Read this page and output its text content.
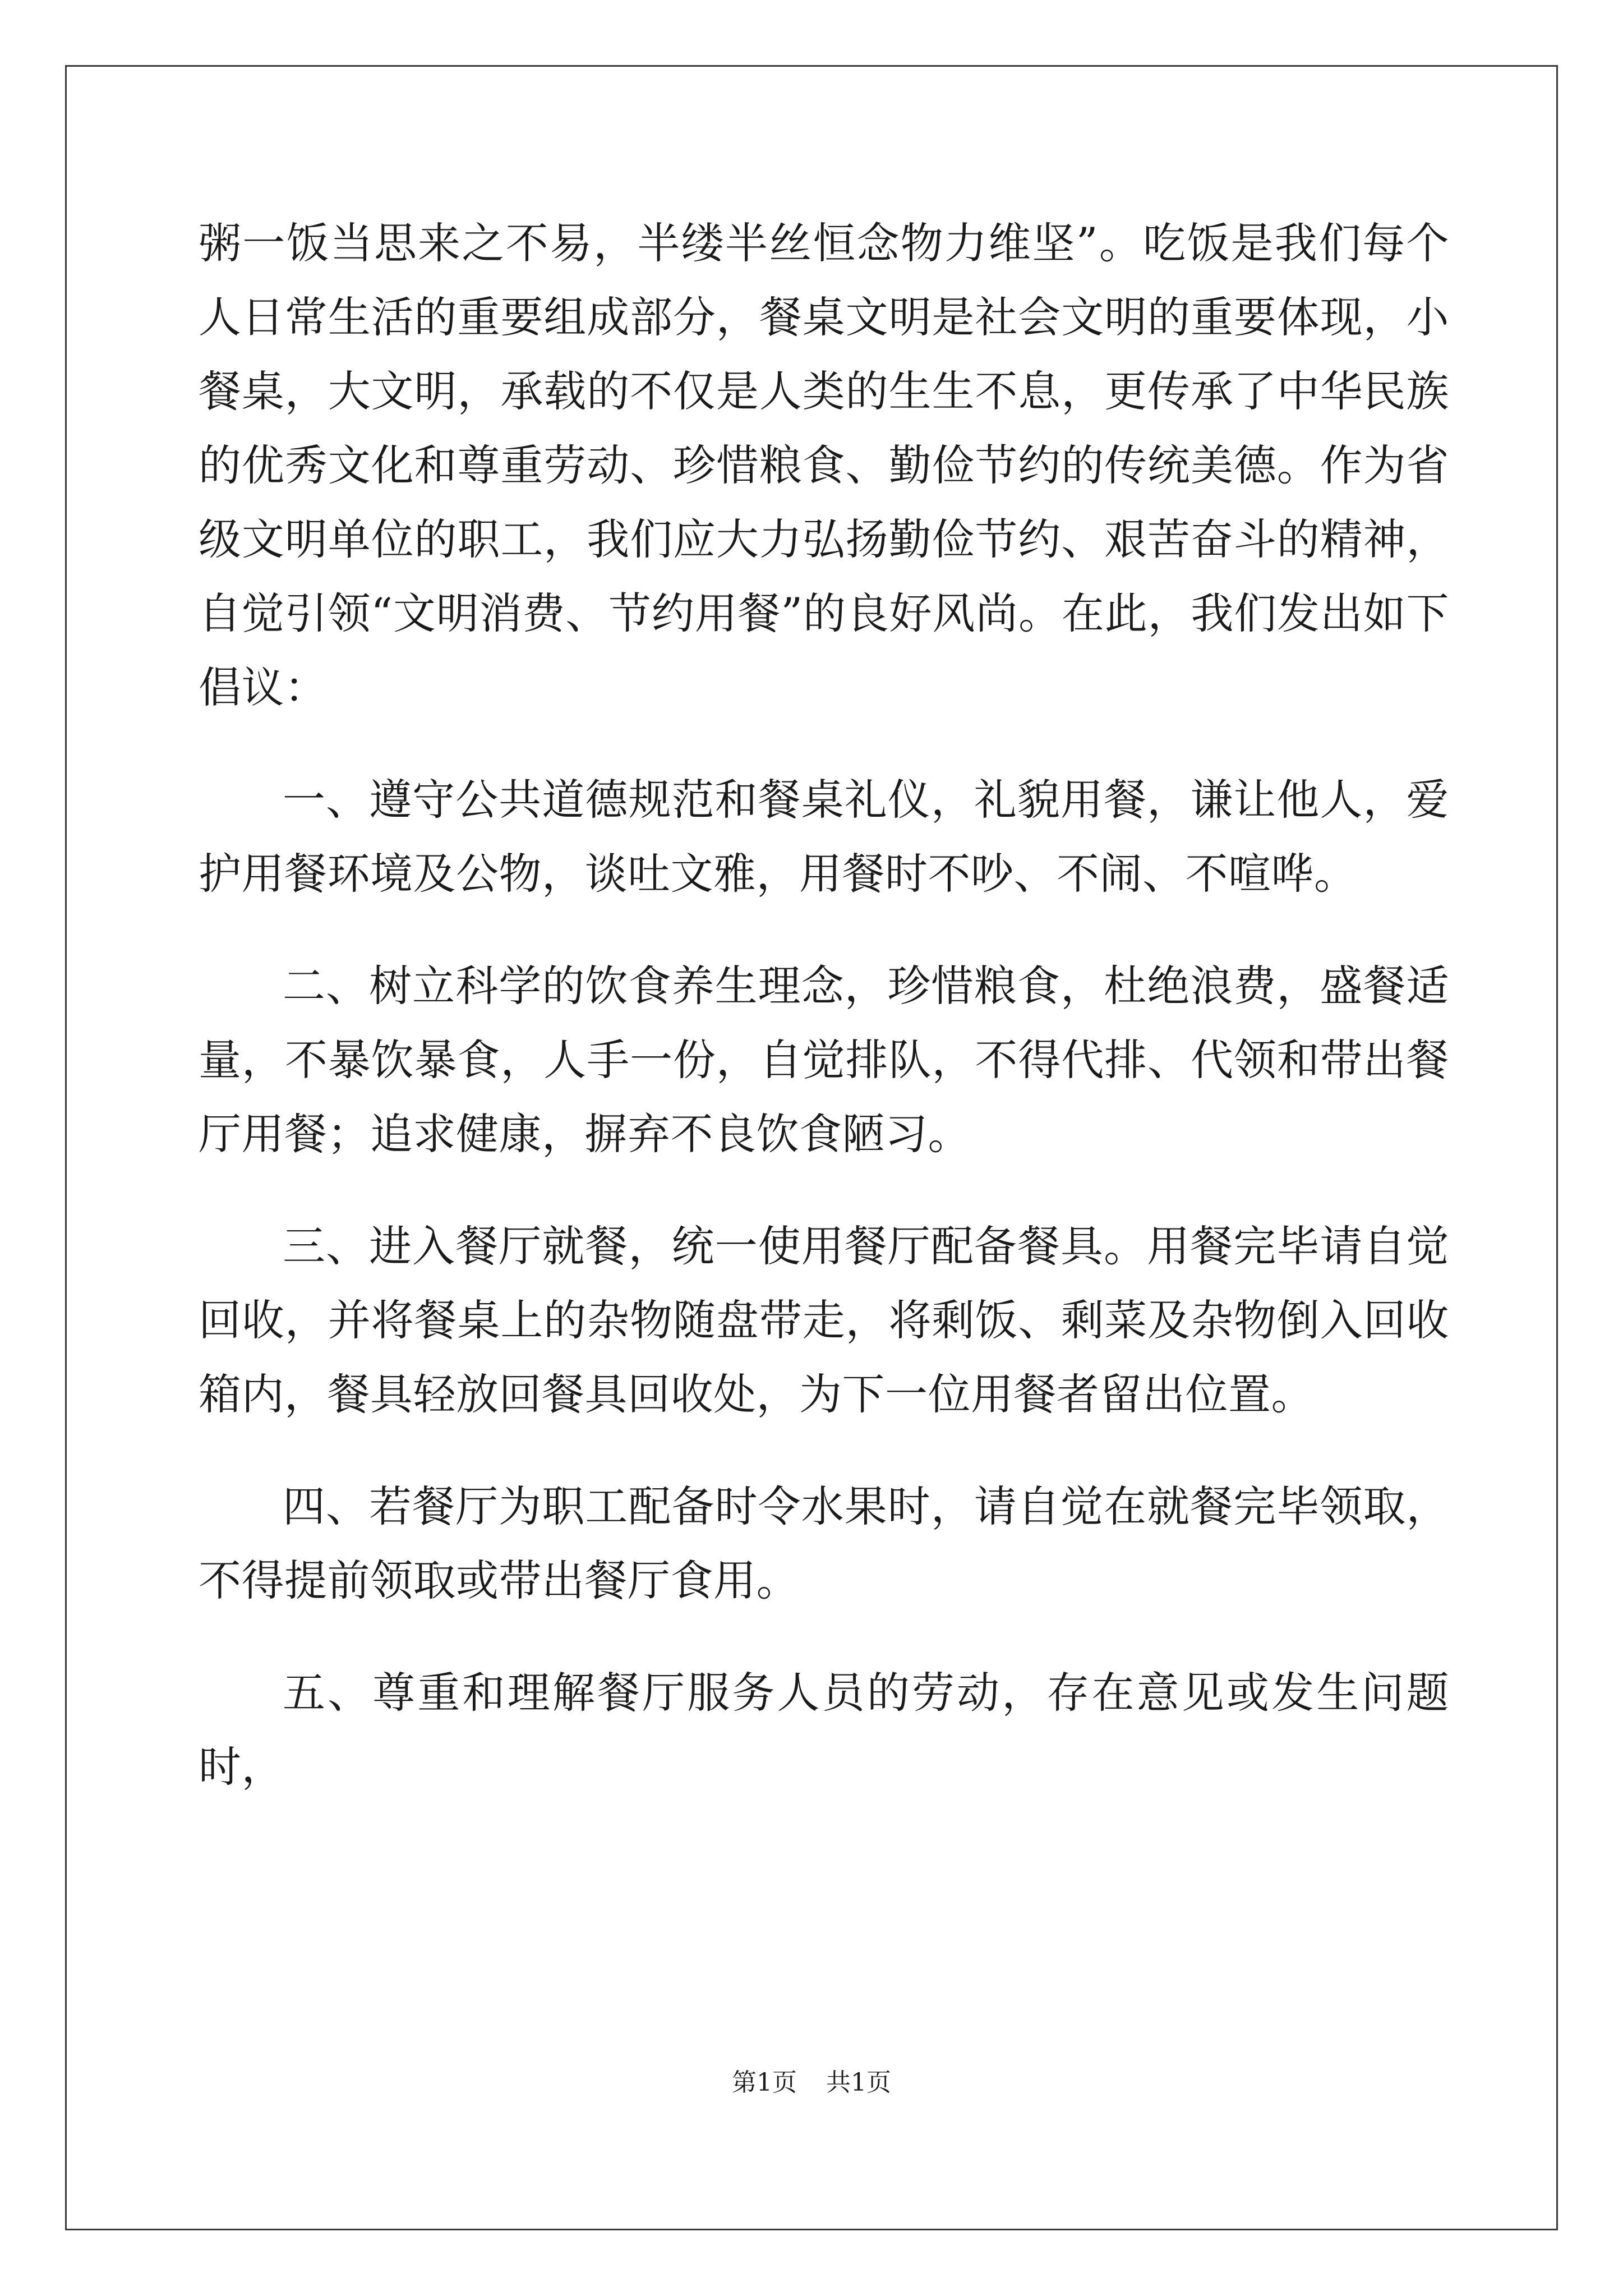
粥一饭当思来之不易，半缕半丝恒念物力维坚”。吃饭是我们每个人日常生活的重要组成部分，餐桌文明是社会文明的重要体现，小餐桌，大文明，承载的不仅是人类的生生不息，更传承了中华民族的优秀文化和尊重劳动、珍惜粮食、勤俭节约的传统美德。作为省级文明单位的职工，我们应大力弘扬勤俭节约、艰苦奋斗的精神，自觉引领“文明消费、节约用餐”的良好风尚。在此，我们发出如下倡议：

一、遵守公共道德规范和餐桌礼仪，礼貌用餐，谦让他人，爱护用餐环境及公物，谈吐文雅，用餐时不吵、不闹、不喧哗。

二、树立科学的饮食养生理念，珍惜粮食，杜绝浪费，盛餐适量，不暴饮暴食，人手一份，自觉排队，不得代排、代领和带出餐厅用餐；追求健康，摒弃不良饮食陋习。

三、进入餐厅就餐，统一使用餐厅配备餐具。用餐完毕请自觉回收，并将餐桌上的杂物随盘带走，将剩饭、剩菜及杂物倒入回收箱内，餐具轻放回餐具回收处，为下一位用餐者留出位置。

四、若餐厅为职工配备时令水果时，请自觉在就餐完毕领取，不得提前领取或带出餐厅食用。

五、尊重和理解餐厅服务人员的劳动，存在意见或发生问题时，

第1页 共1页
